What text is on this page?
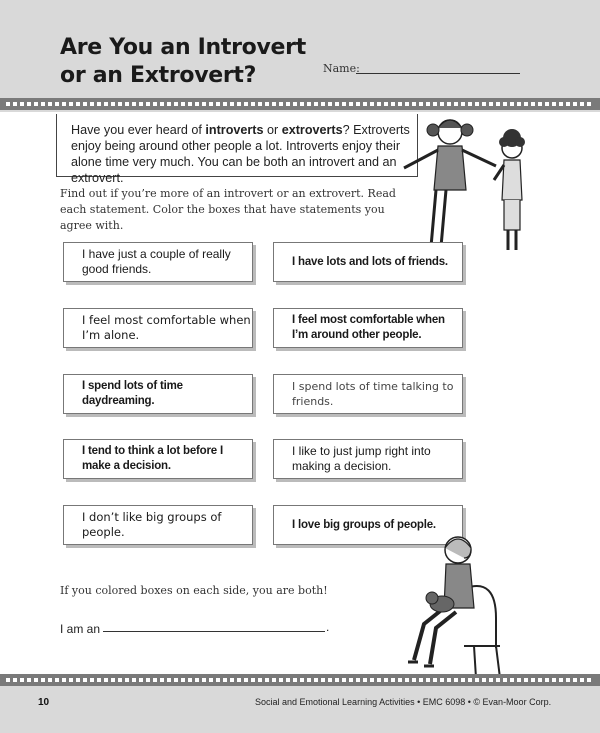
Are You an Introvert
or an Extrovert?	Name:
Have you ever heard of introverts or extroverts? Extroverts enjoy being around other people a lot. Introverts enjoy their alone time very much. You can be both an introvert and an extrovert.
Find out if you’re more of an introvert or an extrovert. Read each statement. Color the boxes that have statements you agree with.
I have just a couple of really good friends.
I have lots and lots of friends.
I feel most comfortable when I’m alone.
I feel most comfortable when I’m around other people.
I spend lots of time daydreaming.
I spend lots of time talking to friends.
I tend to think a lot before I make a decision.
I like to just jump right into making a decision.
I don’t like big groups of people.
I love big groups of people.
If you colored boxes on each side, you are both!
I am an	.
10	Social and Emotional Learning Activities • EMC 6098 • © Evan-Moor Corp.
